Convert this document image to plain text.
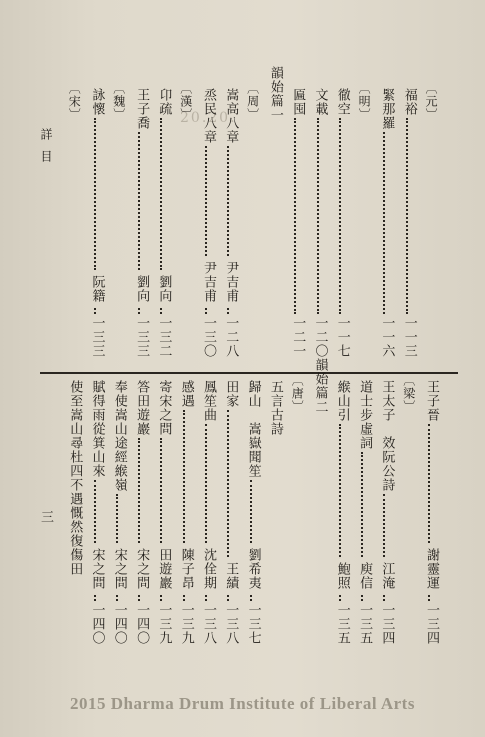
詳目
20.20.	〔元〕
福裕
一一三
緊那羅
一一六
〔明〕
徹空
一一七
文載
一二〇
匾囤
一二一
韻始篇一
〔周〕
嵩高八章
尹吉甫
一二八
烝民八章
尹吉甫
一三〇
〔漢〕
卬疏
劉向
一三二
王子喬
劉向
一三三
〔魏〕
詠懷
阮籍
一三三
〔宋〕
王子晉
謝靈運
一三四
〔梁〕
王太子　效阮公詩
江淹
一三四
道士步虛詞
庾信
一三五
緱山引
鮑照
一三五
韻始篇二
〔唐〕
五言古詩
歸山　嵩嶽聞笙
劉希夷
一三七
田家
王績
一三八
鳳笙曲
沈佺期
一三八
感遇
陳子昂
一三九
寄宋之問
田遊巖
一三九
答田遊巖
宋之問
一四〇
奉使嵩山途經緱嶺
宋之問
一四〇
賦得雨從箕山來
宋之問
一四〇
使至嵩山尋杜四不遇慨然復傷田
三
2015 Dharma Drum Institute of Liberal Arts
